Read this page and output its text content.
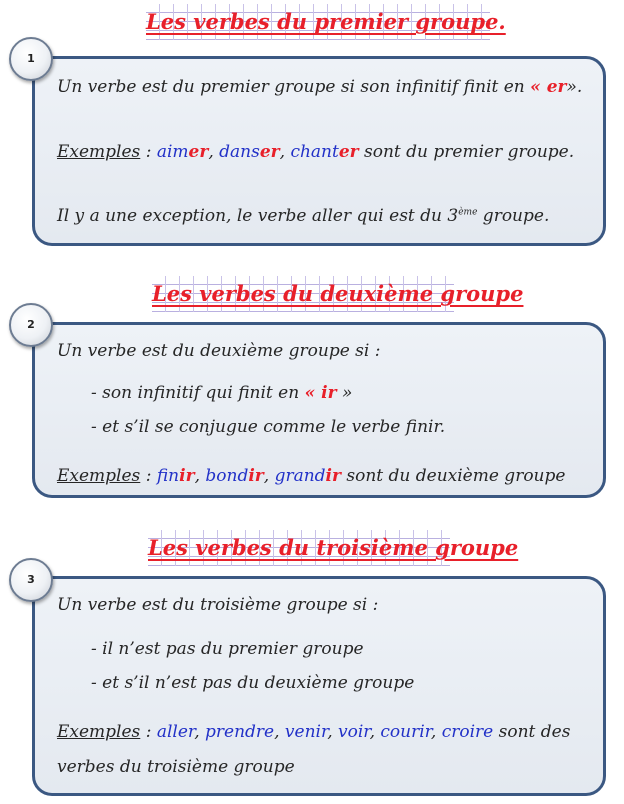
Les verbes du premier groupe.
Un verbe est du premier groupe si son infinitif finit en « er».
Exemples : aimer, danser, chanter sont du premier groupe.
Il y a une exception, le verbe aller qui est du 3ème groupe.
1
Les verbes du deuxième groupe
Un verbe est du deuxième groupe si :
- son infinitif qui finit en « ir »
- et s’il se conjugue comme le verbe finir.
Exemples : finir, bondir, grandir sont du deuxième groupe
2
Les verbes du troisième groupe
Un verbe est du troisième groupe si :
- il n’est pas du premier groupe
- et s’il n’est pas du deuxième groupe
Exemples : aller, prendre, venir, voir, courir, croire sont des
verbes du troisième groupe
3
